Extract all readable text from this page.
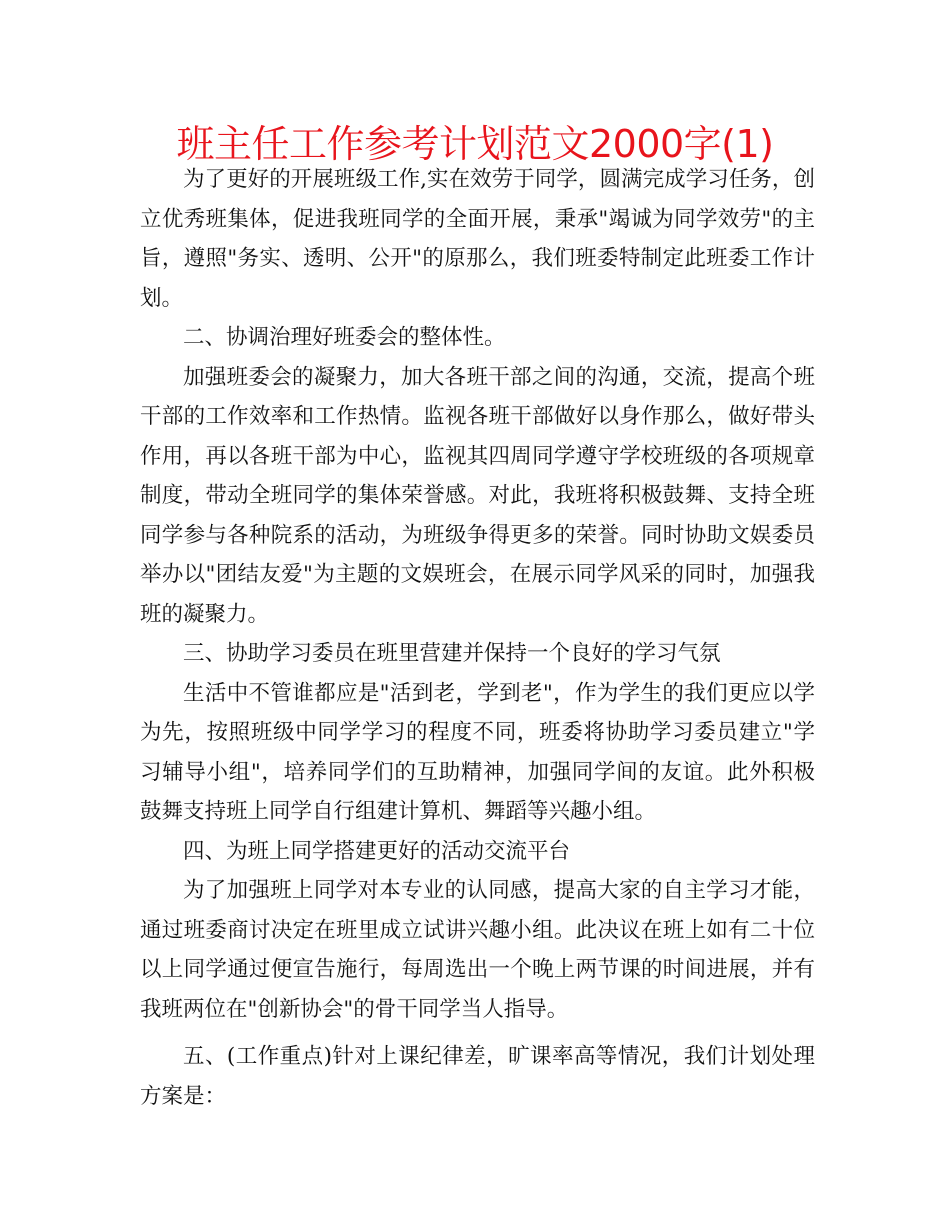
班主任工作参考计划范文2000字(1)

为了更好的开展班级工作,实在效劳于同学，圆满完成学习任务，创立优秀班集体，促进我班同学的全面开展，秉承"竭诚为同学效劳"的主旨，遵照"务实、透明、公开"的原那么，我们班委特制定此班委工作计划。

二、协调治理好班委会的整体性。

加强班委会的凝聚力，加大各班干部之间的沟通，交流，提高个班干部的工作效率和工作热情。监视各班干部做好以身作那么，做好带头作用，再以各班干部为中心，监视其四周同学遵守学校班级的各项规章制度，带动全班同学的集体荣誉感。对此，我班将积极鼓舞、支持全班同学参与各种院系的活动，为班级争得更多的荣誉。同时协助文娱委员举办以"团结友爱"为主题的文娱班会，在展示同学风采的同时，加强我班的凝聚力。

三、协助学习委员在班里营建并保持一个良好的学习气氛

生活中不管谁都应是"活到老，学到老"，作为学生的我们更应以学为先，按照班级中同学学习的程度不同，班委将协助学习委员建立"学习辅导小组"，培养同学们的互助精神，加强同学间的友谊。此外积极鼓舞支持班上同学自行组建计算机、舞蹈等兴趣小组。

四、为班上同学搭建更好的活动交流平台

为了加强班上同学对本专业的认同感，提高大家的自主学习才能，通过班委商讨决定在班里成立试讲兴趣小组。此决议在班上如有二十位以上同学通过便宣告施行，每周选出一个晚上两节课的时间进展，并有我班两位在"创新协会"的骨干同学当人指导。

五、(工作重点)针对上课纪律差，旷课率高等情况，我们计划处理方案是：
